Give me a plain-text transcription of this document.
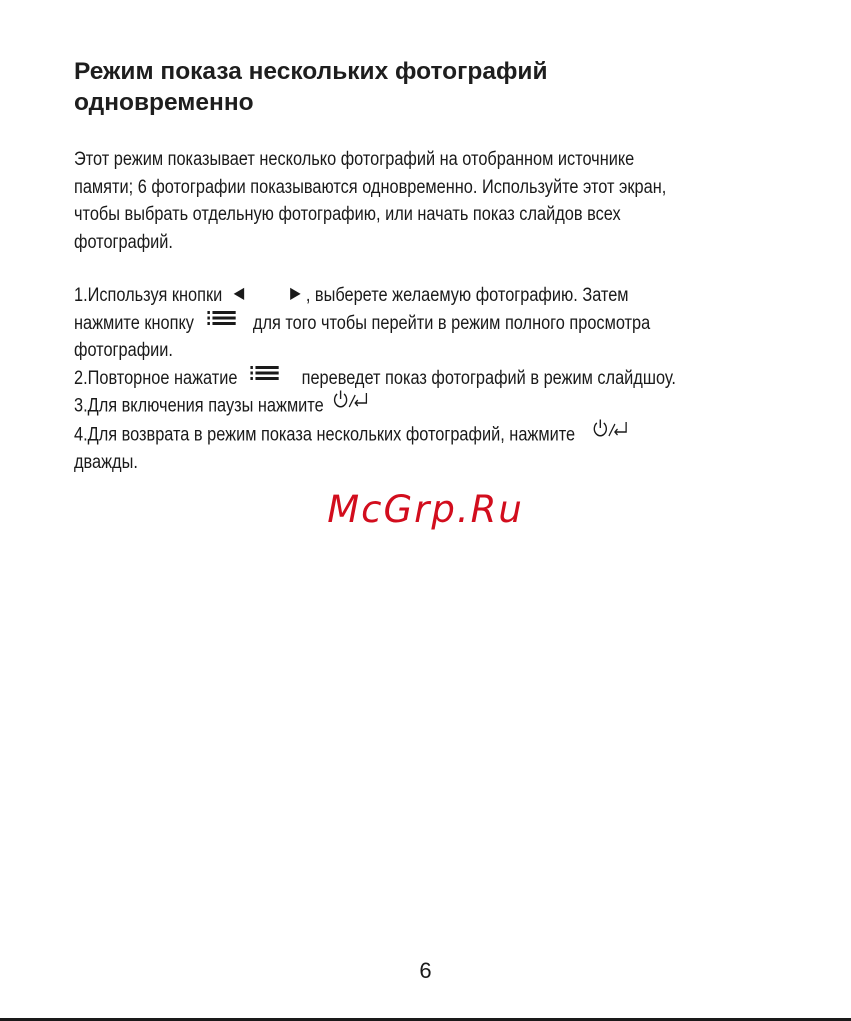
Режим показа нескольких фотографий
одновременно

Этот режим показывает несколько фотографий на отобранном источнике
памяти; 6 фотографии показываются одновременно. Используйте этот экран,
чтобы выбрать отдельную фотографию, или начать показ слайдов всех
фотографий.

1.Используя кнопки ◀	▶ , выберете желаемую фотографию. Затем
нажмите кнопку	для того чтобы перейти в режим полного просмотра
фотографии.
2.Повторное нажатие	переведет показ фотографий в режим слайдшоу.
3.Для включения паузы нажмите
4.Для возврата в режим показа нескольких фотографий, нажмите
дважды.
McGrp.Ru
6
